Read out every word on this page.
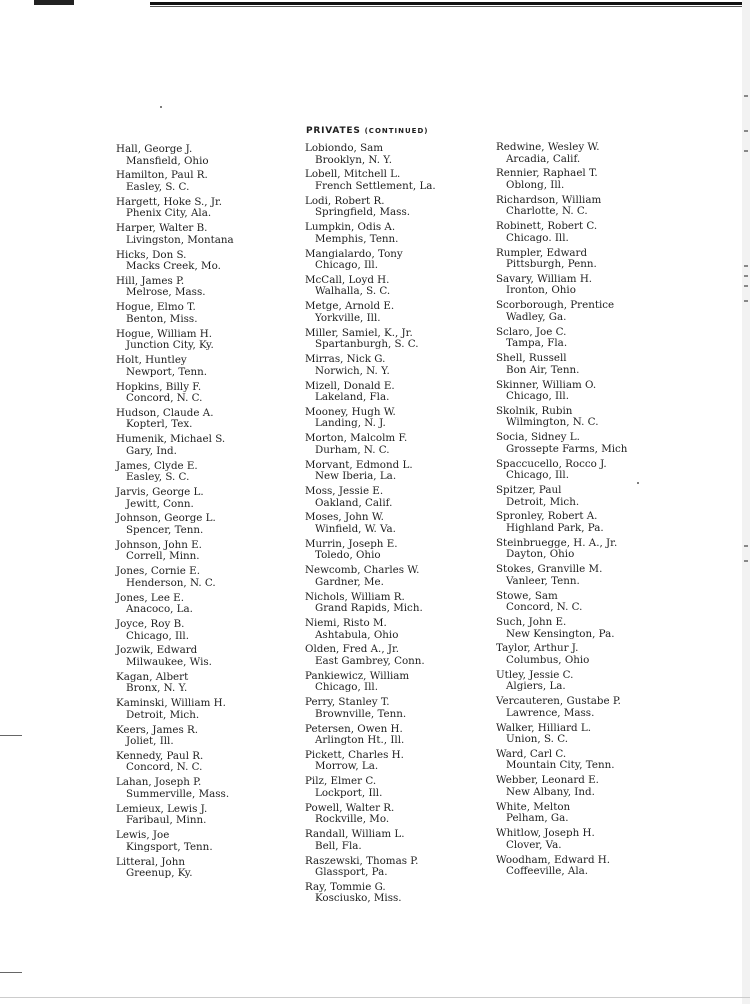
PRIVATES (CONTINUED)
Hall, George J.
Mansfield, Ohio
Hamilton, Paul R.
Easley, S. C.
Hargett, Hoke S., Jr.
Phenix City, Ala.
Harper, Walter B.
Livingston, Montana
Hicks, Don S.
Macks Creek, Mo.
Hill, James P.
Melrose, Mass.
Hogue, Elmo T.
Benton, Miss.
Hogue, William H.
Junction City, Ky.
Holt, Huntley
Newport, Tenn.
Hopkins, Billy F.
Concord, N. C.
Hudson, Claude A.
Kopterl, Tex.
Humenik, Michael S.
Gary, Ind.
James, Clyde E.
Easley, S. C.
Jarvis, George L.
Jewitt, Conn.
Johnson, George L.
Spencer, Tenn.
Johnson, John E.
Correll, Minn.
Jones, Cornie E.
Henderson, N. C.
Jones, Lee E.
Anacoco, La.
Joyce, Roy B.
Chicago, Ill.
Jozwik, Edward
Milwaukee, Wis.
Kagan, Albert
Bronx, N. Y.
Kaminski, William H.
Detroit, Mich.
Keers, James R.
Joliet, Ill.
Kennedy, Paul R.
Concord, N. C.
Lahan, Joseph P.
Summerville, Mass.
Lemieux, Lewis J.
Faribaul, Minn.
Lewis, Joe
Kingsport, Tenn.
Litteral, John
Greenup, Ky.
Lobiondo, Sam
Brooklyn, N. Y.
Lobell, Mitchell L.
French Settlement, La.
Lodi, Robert R.
Springfield, Mass.
Lumpkin, Odis A.
Memphis, Tenn.
Mangialardo, Tony
Chicago, Ill.
McCall, Loyd H.
Walhalla, S. C.
Metge, Arnold E.
Yorkville, Ill.
Miller, Samiel, K., Jr.
Spartanburgh, S. C.
Mirras, Nick G.
Norwich, N. Y.
Mizell, Donald E.
Lakeland, Fla.
Mooney, Hugh W.
Landing, N. J.
Morton, Malcolm F.
Durham, N. C.
Morvant, Edmond L.
New Iberia, La.
Moss, Jessie E.
Oakland, Calif.
Moses, John W.
Winfield, W. Va.
Murrin, Joseph E.
Toledo, Ohio
Newcomb, Charles W.
Gardner, Me.
Nichols, William R.
Grand Rapids, Mich.
Niemi, Risto M.
Ashtabula, Ohio
Olden, Fred A., Jr.
East Gambrey, Conn.
Pankiewicz, William
Chicago, Ill.
Perry, Stanley T.
Brownville, Tenn.
Petersen, Owen H.
Arlington Ht., Ill.
Pickett, Charles H.
Morrow, La.
Pilz, Elmer C.
Lockport, Ill.
Powell, Walter R.
Rockville, Mo.
Randall, William L.
Bell, Fla.
Raszewski, Thomas P.
Glassport, Pa.
Ray, Tommie G.
Kosciusko, Miss.
Redwine, Wesley W.
Arcadia, Calif.
Rennier, Raphael T.
Oblong, Ill.
Richardson, William
Charlotte, N. C.
Robinett, Robert C.
Chicago. Ill.
Rumpler, Edward
Pittsburgh, Penn.
Savary, William H.
Ironton, Ohio
Scorborough, Prentice
Wadley, Ga.
Sclaro, Joe C.
Tampa, Fla.
Shell, Russell
Bon Air, Tenn.
Skinner, William O.
Chicago, Ill.
Skolnik, Rubin
Wilmington, N. C.
Socia, Sidney L.
Grossepte Farms, Mich
Spaccucello, Rocco J.
Chicago, Ill.
Spitzer, Paul
Detroit, Mich.
Spronley, Robert A.
Highland Park, Pa.
Steinbruegge, H. A., Jr.
Dayton, Ohio
Stokes, Granville M.
Vanleer, Tenn.
Stowe, Sam
Concord, N. C.
Such, John E.
New Kensington, Pa.
Taylor, Arthur J.
Columbus, Ohio
Utley, Jessie C.
Algiers, La.
Vercauteren, Gustabe P.
Lawrence, Mass.
Walker, Hilliard L.
Union, S. C.
Ward, Carl C.
Mountain City, Tenn.
Webber, Leonard E.
New Albany, Ind.
White, Melton
Pelham, Ga.
Whitlow, Joseph H.
Clover, Va.
Woodham, Edward H.
Coffeeville, Ala.
